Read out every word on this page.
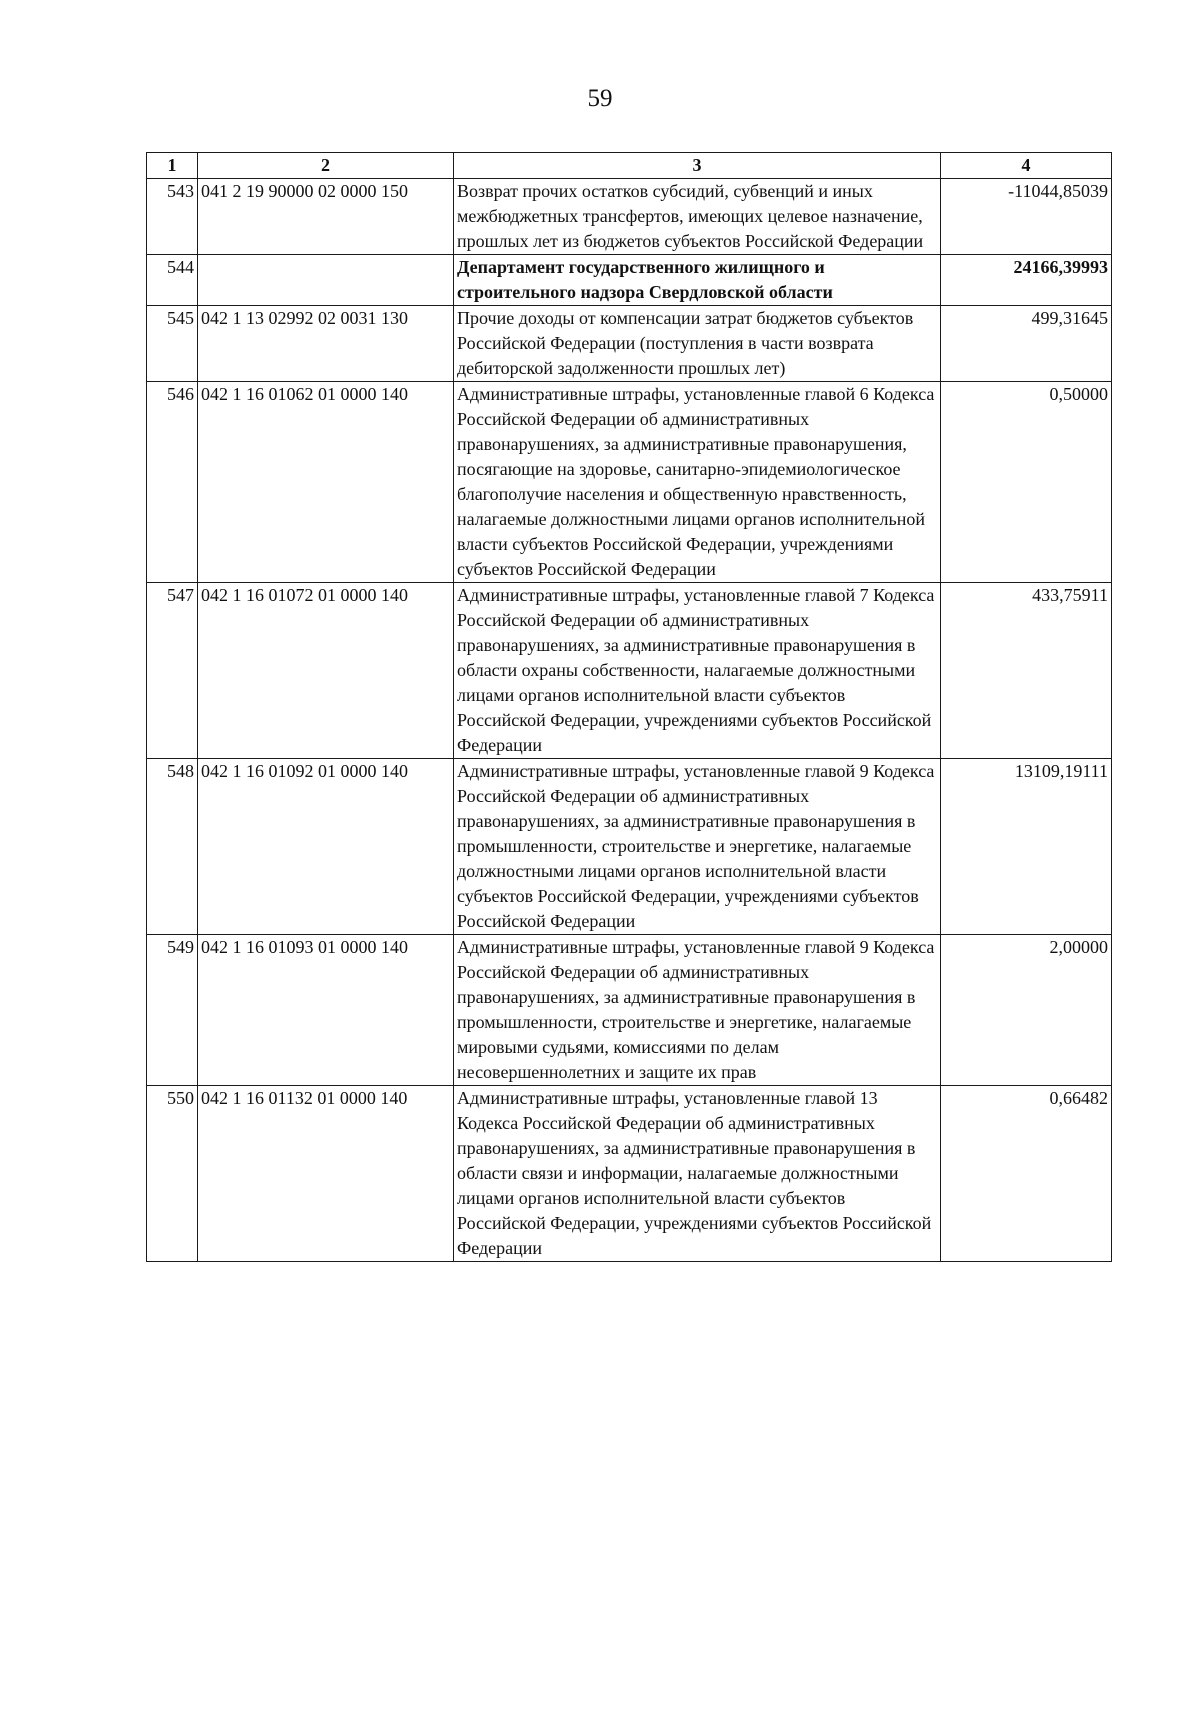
59
1	2	3	4
543	041 2 19 90000 02 0000 150	Возврат прочих остатков субсидий, субвенций и иных межбюджетных трансфертов, имеющих целевое назначение, прошлых лет из бюджетов субъектов Российской Федерации	-11044,85039
544		Департамент государственного жилищного и строительного надзора Свердловской области	24166,39993
545	042 1 13 02992 02 0031 130	Прочие доходы от компенсации затрат бюджетов субъектов Российской Федерации (поступления в части возврата дебиторской задолженности прошлых лет)	499,31645
546	042 1 16 01062 01 0000 140	Административные штрафы, установленные главой 6 Кодекса Российской Федерации об административных правонарушениях, за административные правонарушения, посягающие на здоровье, санитарно-эпидемиологическое благополучие населения и общественную нравственность, налагаемые должностными лицами органов исполнительной власти субъектов Российской Федерации, учреждениями субъектов Российской Федерации	0,50000
547	042 1 16 01072 01 0000 140	Административные штрафы, установленные главой 7 Кодекса Российской Федерации об административных правонарушениях, за административные правонарушения в области охраны собственности, налагаемые должностными лицами органов исполнительной власти субъектов Российской Федерации, учреждениями субъектов Российской Федерации	433,75911
548	042 1 16 01092 01 0000 140	Административные штрафы, установленные главой 9 Кодекса Российской Федерации об административных правонарушениях, за административные правонарушения в промышленности, строительстве и энергетике, налагаемые должностными лицами органов исполнительной власти субъектов Российской Федерации, учреждениями субъектов Российской Федерации	13109,19111
549	042 1 16 01093 01 0000 140	Административные штрафы, установленные главой 9 Кодекса Российской Федерации об административных правонарушениях, за административные правонарушения в промышленности, строительстве и энергетике, налагаемые мировыми судьями, комиссиями по делам несовершеннолетних и защите их прав	2,00000
550	042 1 16 01132 01 0000 140	Административные штрафы, установленные главой 13 Кодекса Российской Федерации об административных правонарушениях, за административные правонарушения в области связи и информации, налагаемые должностными лицами органов исполнительной власти субъектов Российской Федерации, учреждениями субъектов Российской Федерации	0,66482
